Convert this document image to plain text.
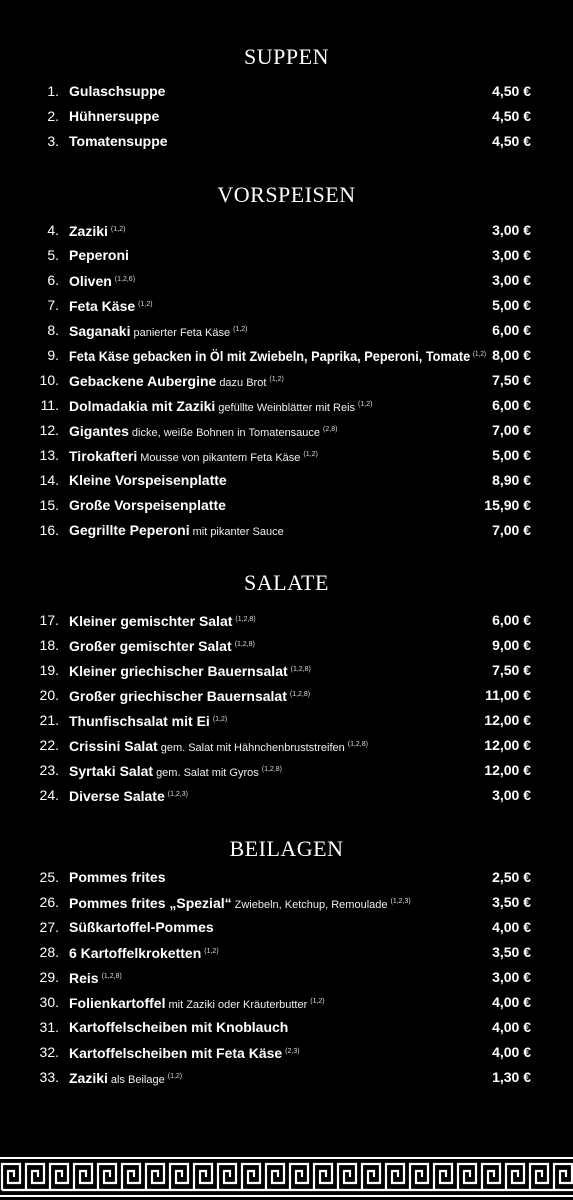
SUPPEN
1. Gulaschsuppe	4,50 €
2. Hühnersuppe	4,50 €
3. Tomatensuppe	4,50 €
VORSPEISEN
4. Zaziki $^{(1,2)}$	3,00 €
5. Peperoni	3,00 €
6. Oliven $^{(1,2,6)}$	3,00 €
7. Feta Käse $^{(1,2)}$	5,00 €
8. Saganaki panierter Feta Käse $^{(1,2)}$	6,00 €
9. Feta Käse gebacken in Öl mit Zwiebeln, Paprika, Peperoni, Tomate $^{(1,2)}$ 8,00 €
10. Gebackene Aubergine dazu Brot $^{(1,2)}$	7,50 €
11. Dolmadakia mit Zaziki gefüllte Weinblätter mit Reis $^{(1,2)}$	6,00 €
12. Gigantes dicke, weiße Bohnen in Tomatensauce $^{(2,8)}$	7,00 €
13. Tirokafteri Mousse von pikantem Feta Käse $^{(1,2)}$	5,00 €
14. Kleine Vorspeisenplatte	8,90 €
15. Große Vorspeisenplatte	15,90 €
16. Gegrillte Peperoni mit pikanter Sauce	7,00 €
SALATE
17. Kleiner gemischter Salat $^{(1,2,8)}$	6,00 €
18. Großer gemischter Salat $^{(1,2,8)}$	9,00 €
19. Kleiner griechischer Bauernsalat $^{(1,2,8)}$	7,50 €
20. Großer griechischer Bauernsalat $^{(1,2,8)}$	11,00 €
21. Thunfischsalat mit Ei $^{(1,2)}$	12,00 €
22. Crissini Salat gem. Salat mit Hähnchenbruststreifen $^{(1,2,8)}$	12,00 €
23. Syrtaki Salat gem. Salat mit Gyros $^{(1,2,8)}$	12,00 €
24. Diverse Salate $^{(1,2,3)}$	3,00 €
BEILAGEN
25. Pommes frites	2,50 €
26. Pommes frites „Spezial“ Zwiebeln, Ketchup, Remoulade $^{(1,2,3)}$	3,50 €
27. Süßkartoffel-Pommes	4,00 €
28. 6 Kartoffelkroketten $^{(1,2)}$	3,50 €
29. Reis $^{(1,2,8)}$	3,00 €
30. Folienkartoffel mit Zaziki oder Kräuterbutter $^{(1,2)}$	4,00 €
31. Kartoffelscheiben mit Knoblauch	4,00 €
32. Kartoffelscheiben mit Feta Käse $^{(2,3)}$	4,00 €
33. Zaziki als Beilage $^{(1,2)}$	1,30 €
